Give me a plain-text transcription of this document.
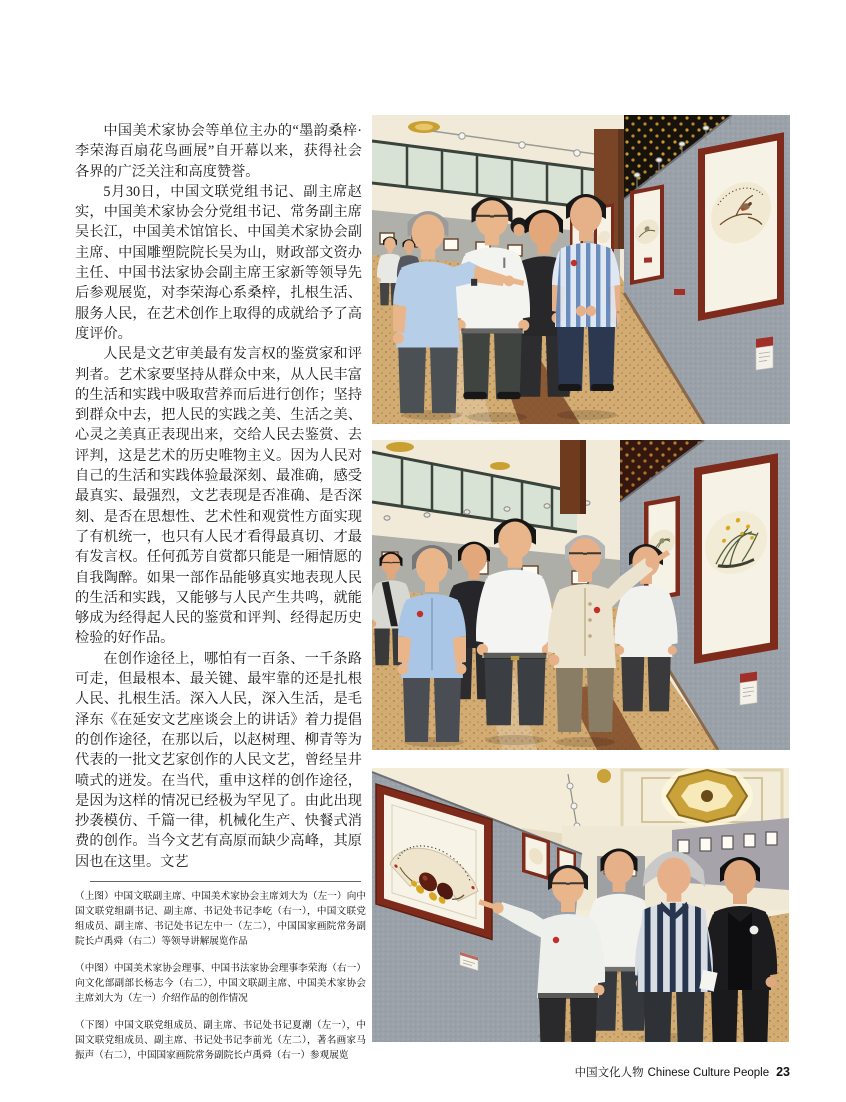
中国美术家协会等单位主办的“墨韵桑梓·李荣海百扇花鸟画展”自开幕以来，获得社会各界的广泛关注和高度赞誉。

5月30日，中国文联党组书记、副主席赵实，中国美术家协会分党组书记、常务副主席吴长江，中国美术馆馆长、中国美术家协会副主席、中国雕塑院院长吴为山，财政部文资办主任、中国书法家协会副主席王家新等领导先后参观展览，对李荣海心系桑梓，扎根生活、服务人民，在艺术创作上取得的成就给予了高度评价。

人民是文艺审美最有发言权的鉴赏家和评判者。艺术家要坚持从群众中来，从人民丰富的生活和实践中吸取营养而后进行创作；坚持到群众中去，把人民的实践之美、生活之美、心灵之美真正表现出来，交给人民去鉴赏、去评判，这是艺术的历史唯物主义。因为人民对自己的生活和实践体验最深刻、最准确，感受最真实、最强烈，文艺表现是否准确、是否深刻、是否在思想性、艺术性和观赏性方面实现了有机统一，也只有人民才看得最真切、才最有发言权。任何孤芳自赏都只能是一厢情愿的自我陶醉。如果一部作品能够真实地表现人民的生活和实践，又能够与人民产生共鸣，就能够成为经得起人民的鉴赏和评判、经得起历史检验的好作品。

在创作途径上，哪怕有一百条、一千条路可走，但最根本、最关键、最牢靠的还是扎根人民、扎根生活。深入人民，深入生活，是毛泽东《在延安文艺座谈会上的讲话》着力提倡的创作途径，在那以后，以赵树理、柳青等为代表的一批文艺家创作的人民文艺，曾经呈井喷式的迸发。在当代，重申这样的创作途径，是因为这样的情况已经极为罕见了。由此出现抄袭模仿、千篇一律，机械化生产、快餐式消费的创作。当今文艺有高原而缺少高峰，其原因也在这里。文艺

（上图）中国文联副主席、中国美术家协会主席刘大为（左一）向中国文联党组副书记、副主席、书记处书记李屹（右一），中国文联党组成员、副主席、书记处书记左中一（左二），中国国家画院常务副院长卢禹舜（右二）等领导讲解展览作品

（中图）中国美术家协会理事、中国书法家协会理事李荣海（右一）向文化部副部长杨志今（右二），中国文联副主席、中国美术家协会主席刘大为（左一）介绍作品的创作情况

（下图）中国文联党组成员、副主席、书记处书记夏潮（左一），中国文联党组成员、副主席、书记处书记李前光（左二），著名画家马振声（右二），中国国家画院常务副院长卢禹舜（右一）参观展览

中国文化人物 Chinese Culture People 23
